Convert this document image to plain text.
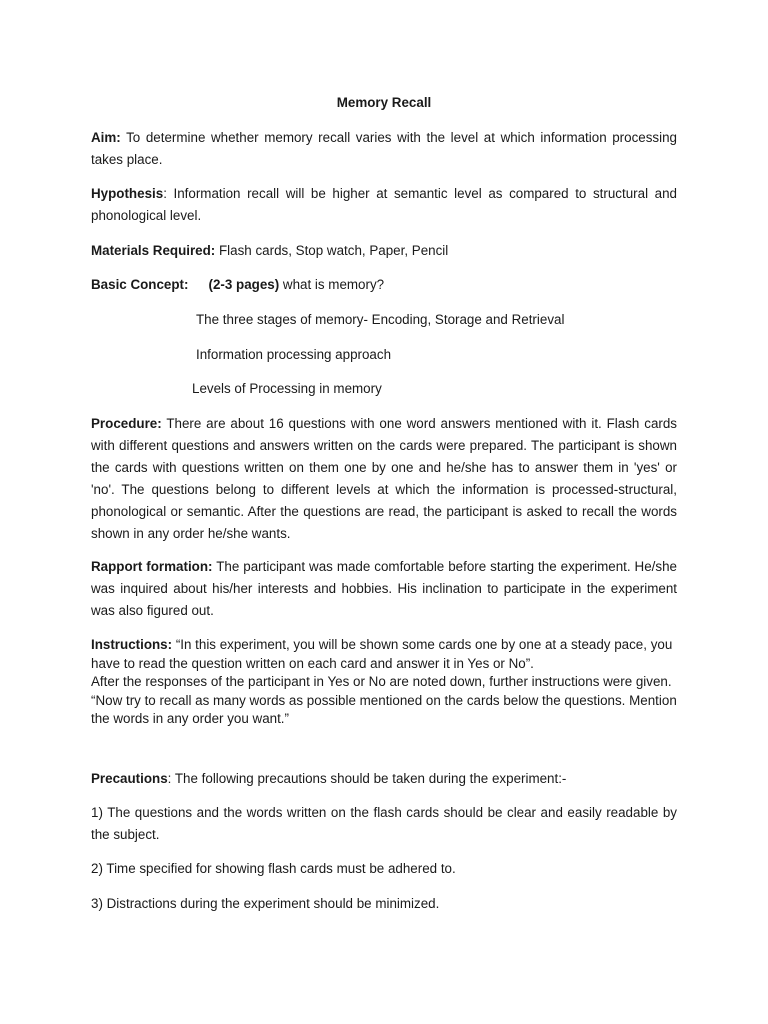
Memory Recall

Aim: To determine whether memory recall varies with the level at which information processing takes place.

Hypothesis: Information recall will be higher at semantic level as compared to structural and phonological level.

Materials Required: Flash cards, Stop watch, Paper, Pencil

Basic Concept: (2-3 pages) what is memory?

The three stages of memory- Encoding, Storage and Retrieval

Information processing approach

Levels of Processing in memory

Procedure: There are about 16 questions with one word answers mentioned with it. Flash cards with different questions and answers written on the cards were prepared. The participant is shown the cards with questions written on them one by one and he/she has to answer them in 'yes' or 'no'. The questions belong to different levels at which the information is processed-structural, phonological or semantic. After the questions are read, the participant is asked to recall the words shown in any order he/she wants.

Rapport formation: The participant was made comfortable before starting the experiment. He/she was inquired about his/her interests and hobbies. His inclination to participate in the experiment was also figured out.

Instructions: “In this experiment, you will be shown some cards one by one at a steady pace, you have to read the question written on each card and answer it in Yes or No”.
After the responses of the participant in Yes or No are noted down, further instructions were given.
“Now try to recall as many words as possible mentioned on the cards below the questions. Mention the words in any order you want.”

Precautions: The following precautions should be taken during the experiment:-

1) The questions and the words written on the flash cards should be clear and easily readable by the subject.

2) Time specified for showing flash cards must be adhered to.

3) Distractions during the experiment should be minimized.
